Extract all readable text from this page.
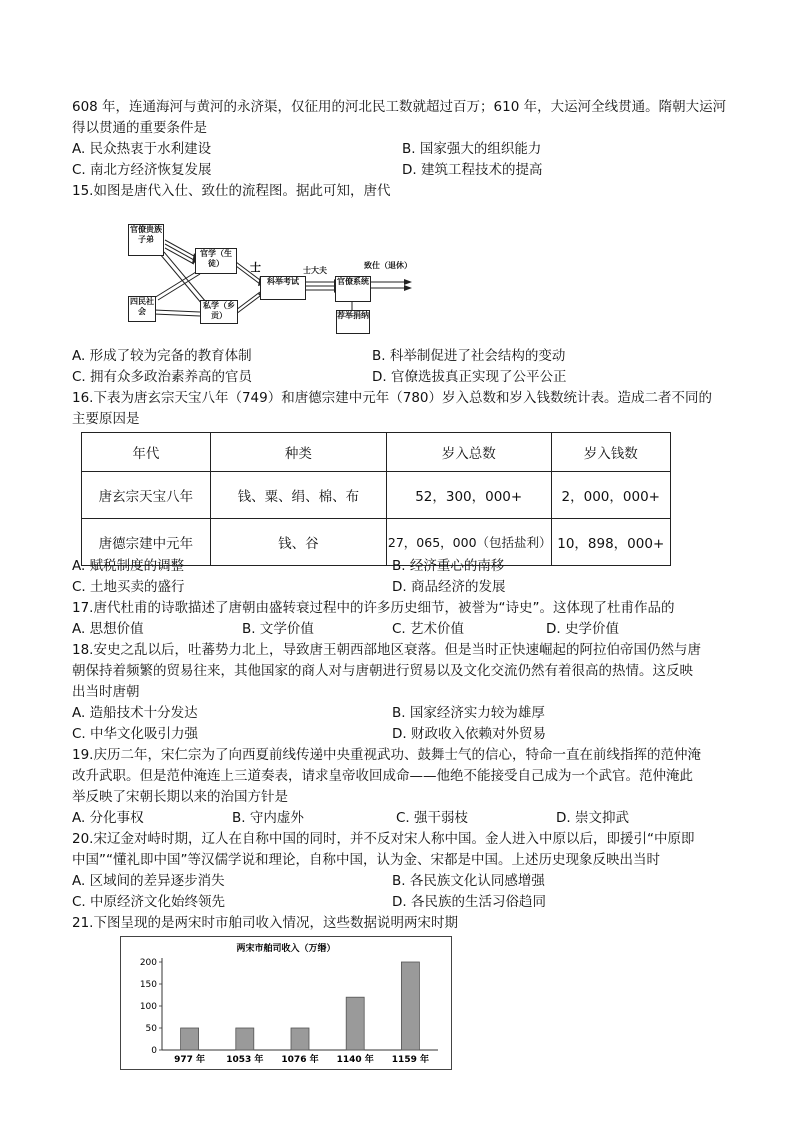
608 年，连通海河与黄河的永济渠，仅征用的河北民工数就超过百万；610 年，大运河全线贯通。隋朝大运河
得以贯通的重要条件是
A. 民众热衷于水利建设	B. 国家强大的组织能力
C. 南北方经济恢复发展	D. 建筑工程技术的提高
15.如图是唐代入仕、致仕的流程图。据此可知，唐代
官僚贵族子弟
官学（生徒）
四民社会
私学（乡贡）
科举考试	官僚系统
荐举捐纳
士	士大夫
致仕（退休）
A. 形成了较为完备的教育体制	B. 科举制促进了社会结构的变动
C. 拥有众多政治素养高的官员	D. 官僚选拔真正实现了公平公正
16.下表为唐玄宗天宝八年（749）和唐德宗建中元年（780）岁入总数和岁入钱数统计表。造成二者不同的
主要原因是
年代	种类	岁入总数	岁入钱数
唐玄宗天宝八年	钱、粟、绢、棉、布	52，300，000+	2，000，000+
唐德宗建中元年	钱、谷	27，065，000（包括盐利）	10，898，000+
A. 赋税制度的调整	B. 经济重心的南移
C. 土地买卖的盛行	D. 商品经济的发展
17.唐代杜甫的诗歌描述了唐朝由盛转衰过程中的许多历史细节，被誉为“诗史”。这体现了杜甫作品的
A. 思想价值	B. 文学价值	C. 艺术价值	D. 史学价值
18.安史之乱以后，吐蕃势力北上，导致唐王朝西部地区衰落。但是当时正快速崛起的阿拉伯帝国仍然与唐
朝保持着频繁的贸易往来，其他国家的商人对与唐朝进行贸易以及文化交流仍然有着很高的热情。这反映
出当时唐朝
A. 造船技术十分发达	B. 国家经济实力较为雄厚
C. 中华文化吸引力强	D. 财政收入依赖对外贸易
19.庆历二年，宋仁宗为了向西夏前线传递中央重视武功、鼓舞士气的信心，特命一直在前线指挥的范仲淹
改升武职。但是范仲淹连上三道奏表，请求皇帝收回成命——他绝不能接受自己成为一个武官。范仲淹此
举反映了宋朝长期以来的治国方针是
A. 分化事权	B. 守内虚外	C. 强干弱枝	D. 崇文抑武
20.宋辽金对峙时期，辽人在自称中国的同时，并不反对宋人称中国。金人进入中原以后，即援引“中原即
中国”“懂礼即中国”等汉儒学说和理论，自称中国，认为金、宋都是中国。上述历史现象反映出当时
A. 区域间的差异逐步消失	B. 各民族文化认同感增强
C. 中原经济文化始终领先	D. 各民族的生活习俗趋同
21.下图呈现的是两宋时市舶司收入情况，这些数据说明两宋时期
两宋市舶司收入（万缗）
0
50
100
150
200
977 年 1053 年 1076 年 1140 年 1159 年
